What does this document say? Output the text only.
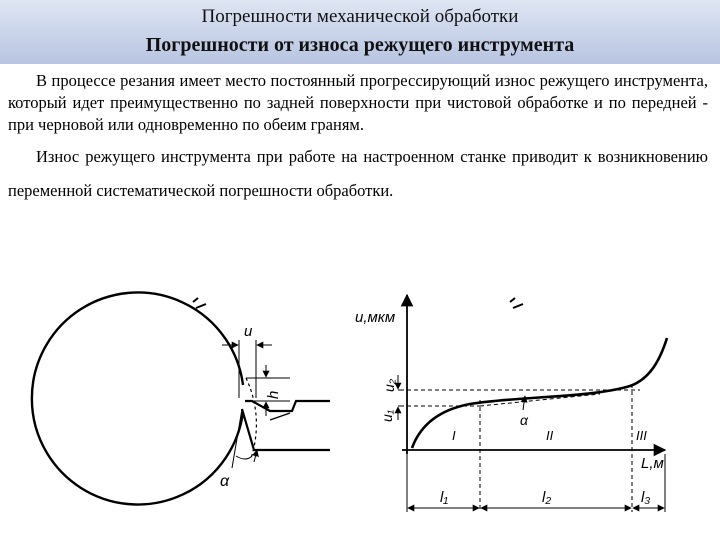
Погрешности механической обработки
Погрешности от износа режущего инструмента

В процессе резания имеет место постоянный прогрессирующий износ режущего инструмента, который идет преимущественно по задней поверхности при чистовой обработке и по передней - при черновой или одновременно по обеим граням.

Износ режущего инструмента при работе на настроенном станке приводит к возникновению переменной систематической погрешности обработки.

u
h
α
u,мкм
L,м
u₁
u₂
α
I	II	III
l₁	l₂	l₃
